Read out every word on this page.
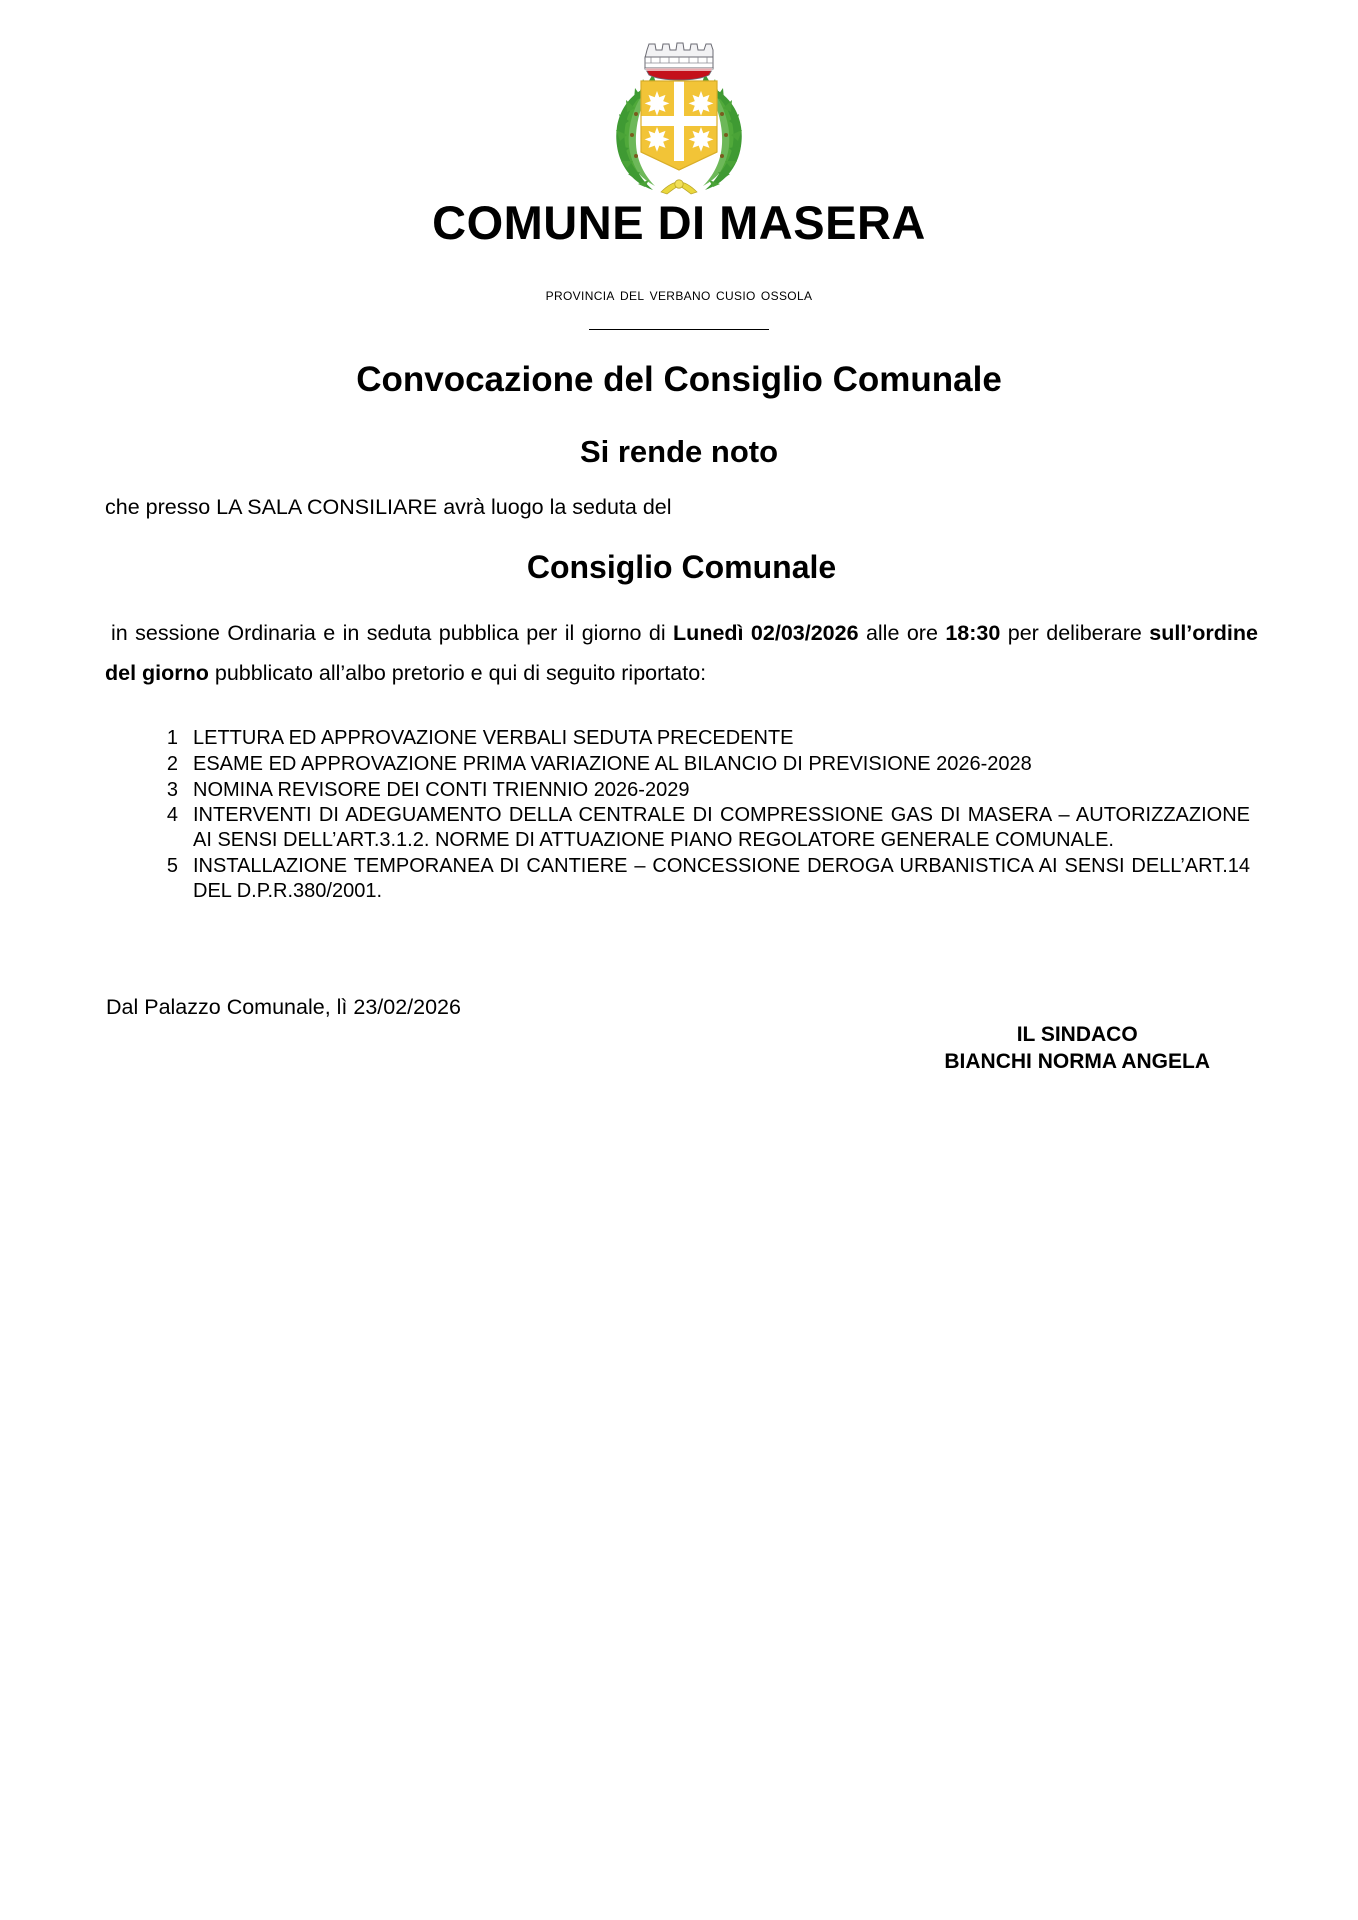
COMUNE DI MASERA
provincia del verbano cusio ossola
Convocazione del Consiglio Comunale
Si rende noto

che presso LA SALA CONSILIARE avrà luogo la seduta del

Consiglio Comunale

in sessione Ordinaria e in seduta pubblica per il giorno di Lunedì 02/03/2026 alle ore 18:30 per deliberare sull’ordine del giorno pubblicato all’albo pretorio e qui di seguito riportato:

1 LETTURA ED APPROVAZIONE VERBALI SEDUTA PRECEDENTE
2 ESAME ED APPROVAZIONE PRIMA VARIAZIONE AL BILANCIO DI PREVISIONE 2026-2028
3 NOMINA REVISORE DEI CONTI TRIENNIO 2026-2029
4 INTERVENTI DI ADEGUAMENTO DELLA CENTRALE DI COMPRESSIONE GAS DI MASERA – AUTORIZZAZIONE AI SENSI DELL’ART.3.1.2. NORME DI ATTUAZIONE PIANO REGOLATORE GENERALE COMUNALE.
5 INSTALLAZIONE TEMPORANEA DI CANTIERE – CONCESSIONE DEROGA URBANISTICA AI SENSI DELL’ART.14 DEL D.P.R.380/2001.
Dal Palazzo Comunale, lì 23/02/2026
IL SINDACO
BIANCHI NORMA ANGELA
